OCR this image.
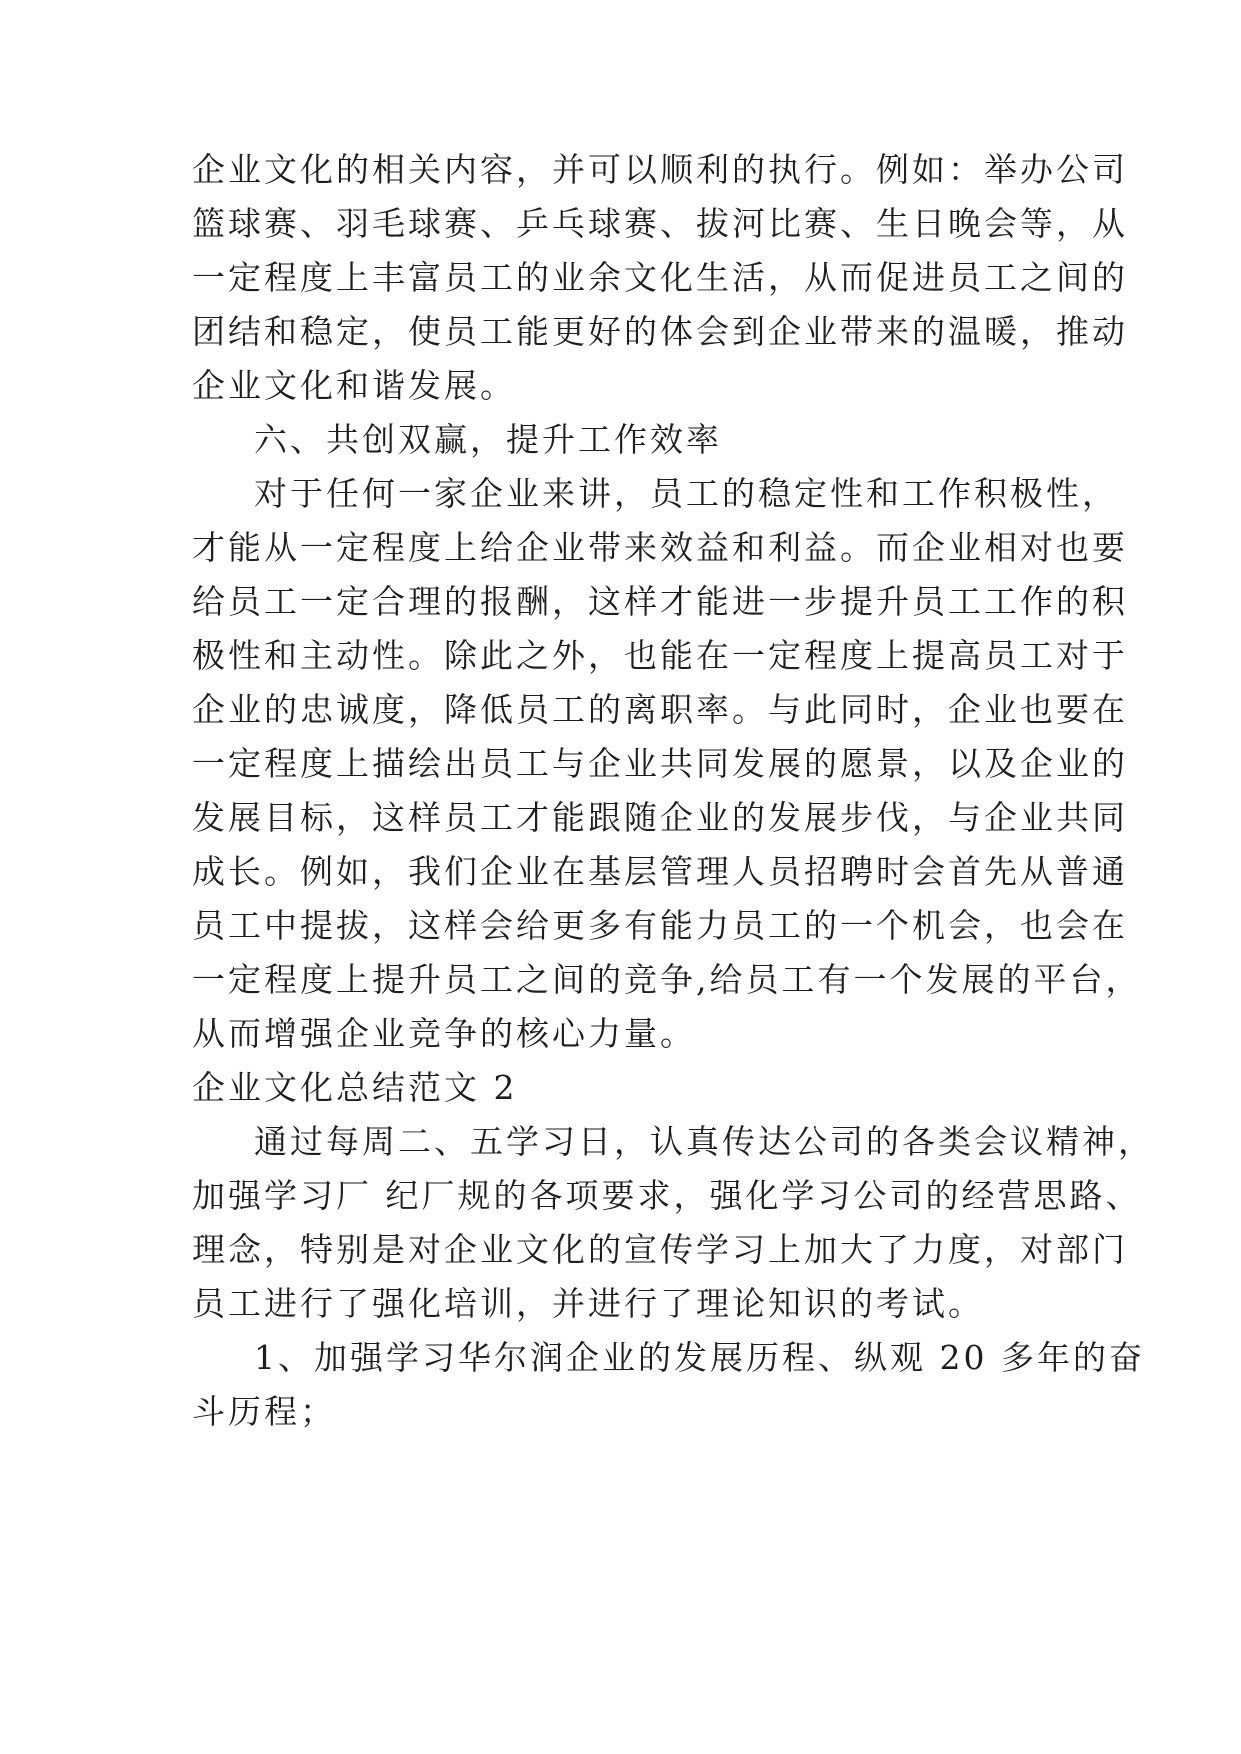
企业文化的相关内容，并可以顺利的执行。例如：举办公司
篮球赛、羽毛球赛、乒乓球赛、拔河比赛、生日晚会等，从
一定程度上丰富员工的业余文化生活，从而促进员工之间的
团结和稳定，使员工能更好的体会到企业带来的温暖，推动
企业文化和谐发展。
六、共创双赢，提升工作效率
对于任何一家企业来讲，员工的稳定性和工作积极性，
才能从一定程度上给企业带来效益和利益。而企业相对也要
给员工一定合理的报酬，这样才能进一步提升员工工作的积
极性和主动性。除此之外，也能在一定程度上提高员工对于
企业的忠诚度，降低员工的离职率。与此同时，企业也要在
一定程度上描绘出员工与企业共同发展的愿景，以及企业的
发展目标，这样员工才能跟随企业的发展步伐，与企业共同
成长。例如，我们企业在基层管理人员招聘时会首先从普通
员工中提拔，这样会给更多有能力员工的一个机会，也会在
一定程度上提升员工之间的竞争,给员工有一个发展的平台，
从而增强企业竞争的核心力量。
企业文化总结范文 2
通过每周二、五学习日，认真传达公司的各类会议精神，
加强学习厂 纪厂规的各项要求，强化学习公司的经营思路、
理念，特别是对企业文化的宣传学习上加大了力度，对部门
员工进行了强化培训，并进行了理论知识的考试。
1、加强学习华尔润企业的发展历程、纵观 20 多年的奋
斗历程；
